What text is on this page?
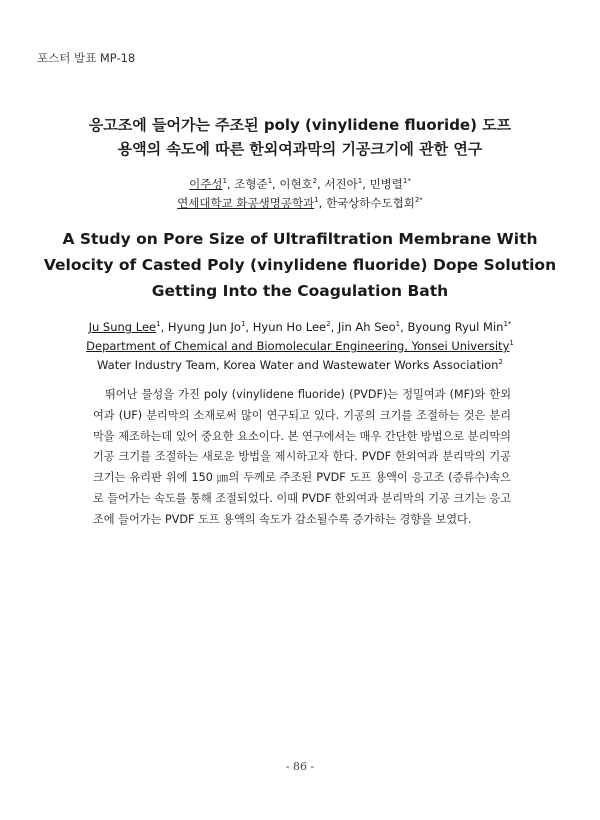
포스터 발표 MP-18
응고조에 들어가는 주조된 poly (vinylidene fluoride) 도프
용액의 속도에 따른 한외여과막의 기공크기에 관한 연구
이주성$^1$, 조형준$^1$, 이현호$^2$, 서진아$^1$, 민병렬$^{1*}$
연세대학교 화공생명공학과$^1$, 한국상하수도협회$^{2*}$
A Study on Pore Size of Ultrafiltration Membrane With
Velocity of Casted Poly (vinylidene fluoride) Dope Solution
Getting Into the Coagulation Bath
Ju Sung Lee$^1$, Hyung Jun Jo$^1$, Hyun Ho Lee$^2$, Jin Ah Seo$^1$, Byoung Ryul Min$^{1*}$
Department of Chemical and Biomolecular Engineering, Yonsei University$^1$
Water Industry Team, Korea Water and Wastewater Works Association$^2$
뛰어난 물성을 가진 poly (vinylidene fluoride) (PVDF)는 정밀여과 (MF)와 한외여과 (UF) 분리막의 소재로써 많이 연구되고 있다. 기공의 크기를 조절하는 것은 분리막을 제조하는데 있어 중요한 요소이다. 본 연구에서는 매우 간단한 방법으로 분리막의 기공 크기를 조절하는 새로운 방법을 제시하고자 한다. PVDF 한외여과 분리막의 기공 크기는 유리판 위에 150 ㎛의 두께로 주조된 PVDF 도프 용액이 응고조 (증류수)속으로 들어가는 속도를 통해 조절되었다. 이때 PVDF 한외여과 분리막의 기공 크기는 응고조에 들어가는 PVDF 도프 용액의 속도가 감소될수록 증가하는 경향을 보였다.
- 86 -
